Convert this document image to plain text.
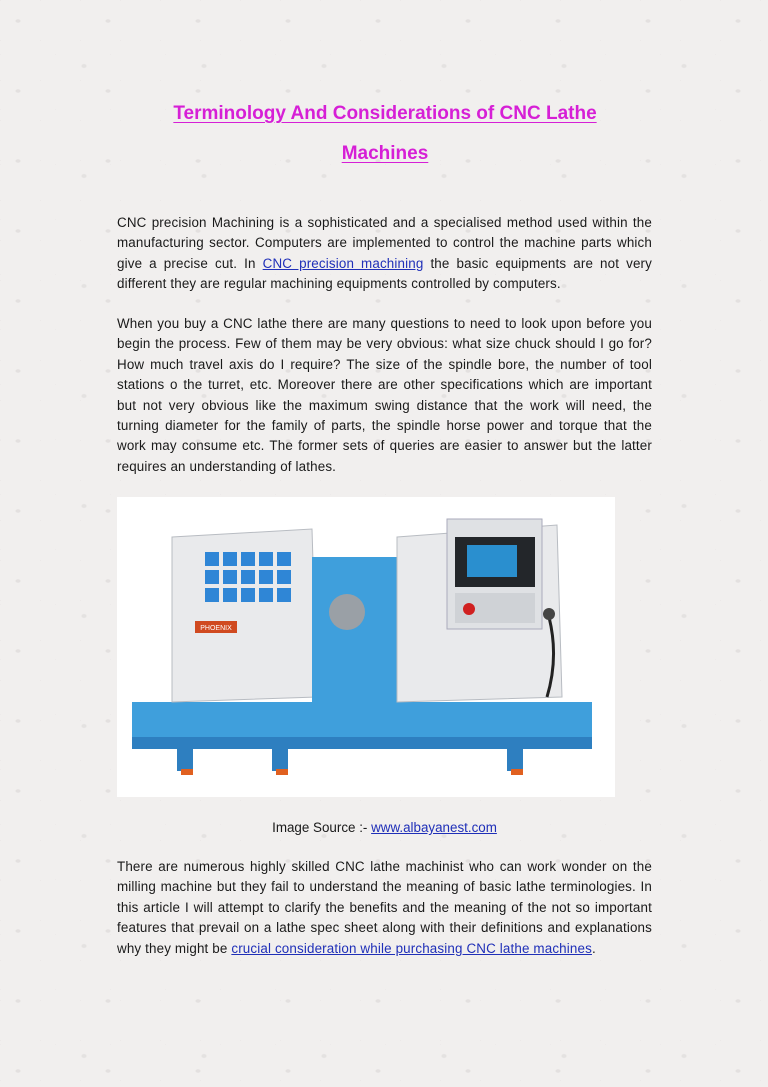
Terminology And Considerations of CNC Lathe
Machines

CNC precision Machining is a sophisticated and a specialised method used within the manufacturing sector. Computers are implemented to control the machine parts which give a precise cut. In CNC precision machining the basic equipments are not very different they are regular machining equipments controlled by computers.

When you buy a CNC lathe there are many questions to need to look upon before you begin the process. Few of them may be very obvious: what size chuck should I go for? How much travel axis do I require? The size of the spindle bore, the number of tool stations o the turret, etc. Moreover there are other specifications which are important but not very obvious like the maximum swing distance that the work will need, the turning diameter for the family of parts, the spindle horse power and torque that the work may consume etc. The former sets of queries are easier to answer but the latter requires an understanding of lathes.

PHOENIX
Image Source :- www.albayanest.com

There are numerous highly skilled CNC lathe machinist who can work wonder on the milling machine but they fail to understand the meaning of basic lathe terminologies. In this article I will attempt to clarify the benefits and the meaning of the not so important features that prevail on a lathe spec sheet along with their definitions and explanations why they might be crucial consideration while purchasing CNC lathe machines.
